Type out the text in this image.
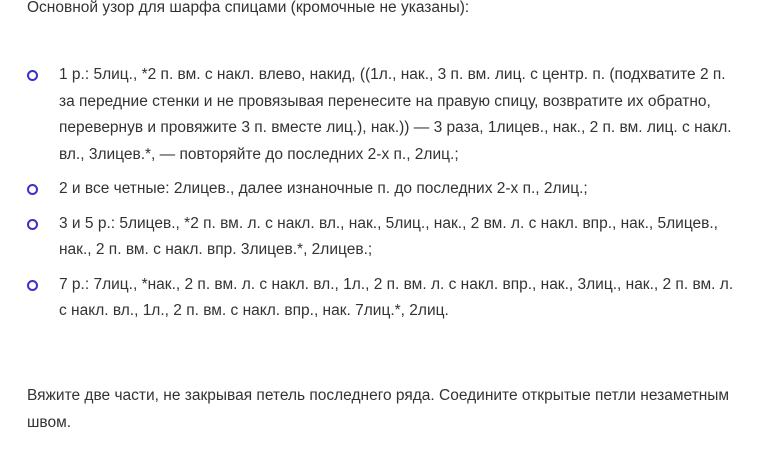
Основной узор для шарфа спицами (кромочные не указаны):

1 р.: 5лиц., *2 п. вм. с накл. влево, накид, ((1л., нак., 3 п. вм. лиц. с центр. п. (подхватите 2 п.
за передние стенки и не провязывая перенесите на правую спицу, возвратите их обратно,
перевернув и провяжите 3 п. вместе лиц.), нак.)) — 3 раза, 1лицев., нак., 2 п. вм. лиц. с накл.
вл., 3лицев.*, — повторяйте до последних 2-х п., 2лиц.;
2 и все четные: 2лицев., далее изнаночные п. до последних 2-х п., 2лиц.;
3 и 5 р.: 5лицев., *2 п. вм. л. с накл. вл., нак., 5лиц., нак., 2 вм. л. с накл. впр., нак., 5лицев.,
нак., 2 п. вм. с накл. впр. 3лицев.*, 2лицев.;
7 р.: 7лиц., *нак., 2 п. вм. л. с накл. вл., 1л., 2 п. вм. л. с накл. впр., нак., 3лиц., нак., 2 п. вм. л.
с накл. вл., 1л., 2 п. вм. с накл. впр., нак. 7лиц.*, 2лиц.

Вяжите две части, не закрывая петель последнего ряда. Соедините открытые петли незаметным
швом.
